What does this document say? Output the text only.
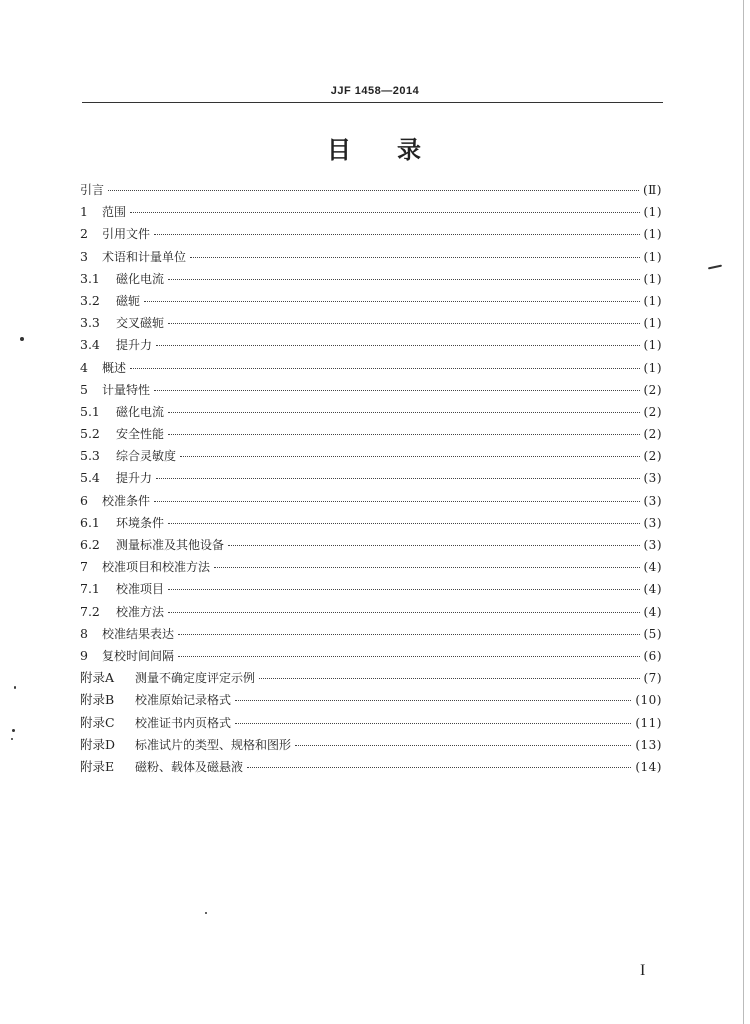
JJF 1458—2014
目 录
引言	(Ⅱ)
1	范围	(1)
2	引用文件	(1)
3	术语和计量单位	(1)
3.1	磁化电流	(1)
3.2	磁轭	(1)
3.3	交叉磁轭	(1)
3.4	提升力	(1)
4	概述	(1)
5	计量特性	(2)
5.1	磁化电流	(2)
5.2	安全性能	(2)
5.3	综合灵敏度	(2)
5.4	提升力	(3)
6	校准条件	(3)
6.1	环境条件	(3)
6.2	测量标准及其他设备	(3)
7	校准项目和校准方法	(4)
7.1	校准项目	(4)
7.2	校准方法	(4)
8	校准结果表达	(5)
9	复校时间间隔	(6)
附录A	测量不确定度评定示例	(7)
附录B	校准原始记录格式	(10)
附录C	校准证书内页格式	(11)
附录D	标准试片的类型、规格和图形	(13)
附录E	磁粉、载体及磁悬液	(14)
I
